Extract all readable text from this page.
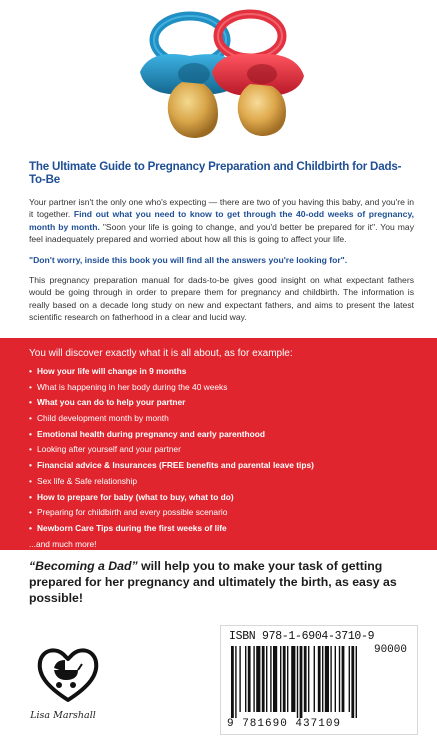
The Ultimate Guide to Pregnancy Preparation and Childbirth for Dads-To-Be

Your partner isn't the only one who's expecting — there are two of you having this baby, and you're in it together. Find out what you need to know to get through the 40-odd weeks of pregnancy, month by month. "Soon your life is going to change, and you'd better be prepared for it". You may feel inadequately prepared and worried about how all this is going to affect your life.

"Don't worry, inside this book you will find all the answers you're looking for".

This pregnancy preparation manual for dads-to-be gives good insight on what expectant fathers would be going through in order to prepare them for pregnancy and childbirth. The information is really based on a decade long study on new and expectant fathers, and aims to present the latest scientific research on fatherhood in a clear and lucid way.

You will discover exactly what it is all about, as for example:
• How your life will change in 9 months
• What is happening in her body during the 40 weeks
• What you can do to help your partner
• Child development month by month
• Emotional health during pregnancy and early parenthood
• Looking after yourself and your partner
• Financial advice & Insurances (FREE benefits and parental leave tips)
• Sex life & Safe relationship
• How to prepare for baby (what to buy, what to do)
• Preparing for childbirth and every possible scenario
• Newborn Care Tips during the first weeks of life
...and much more!
“Becoming a Dad” will help you to make your task of getting prepared for her pregnancy and ultimately the birth, as easy as possible!
Lisa Marshall
ISBN 978-1-6904-3710-9
90000
9 781690 437109
